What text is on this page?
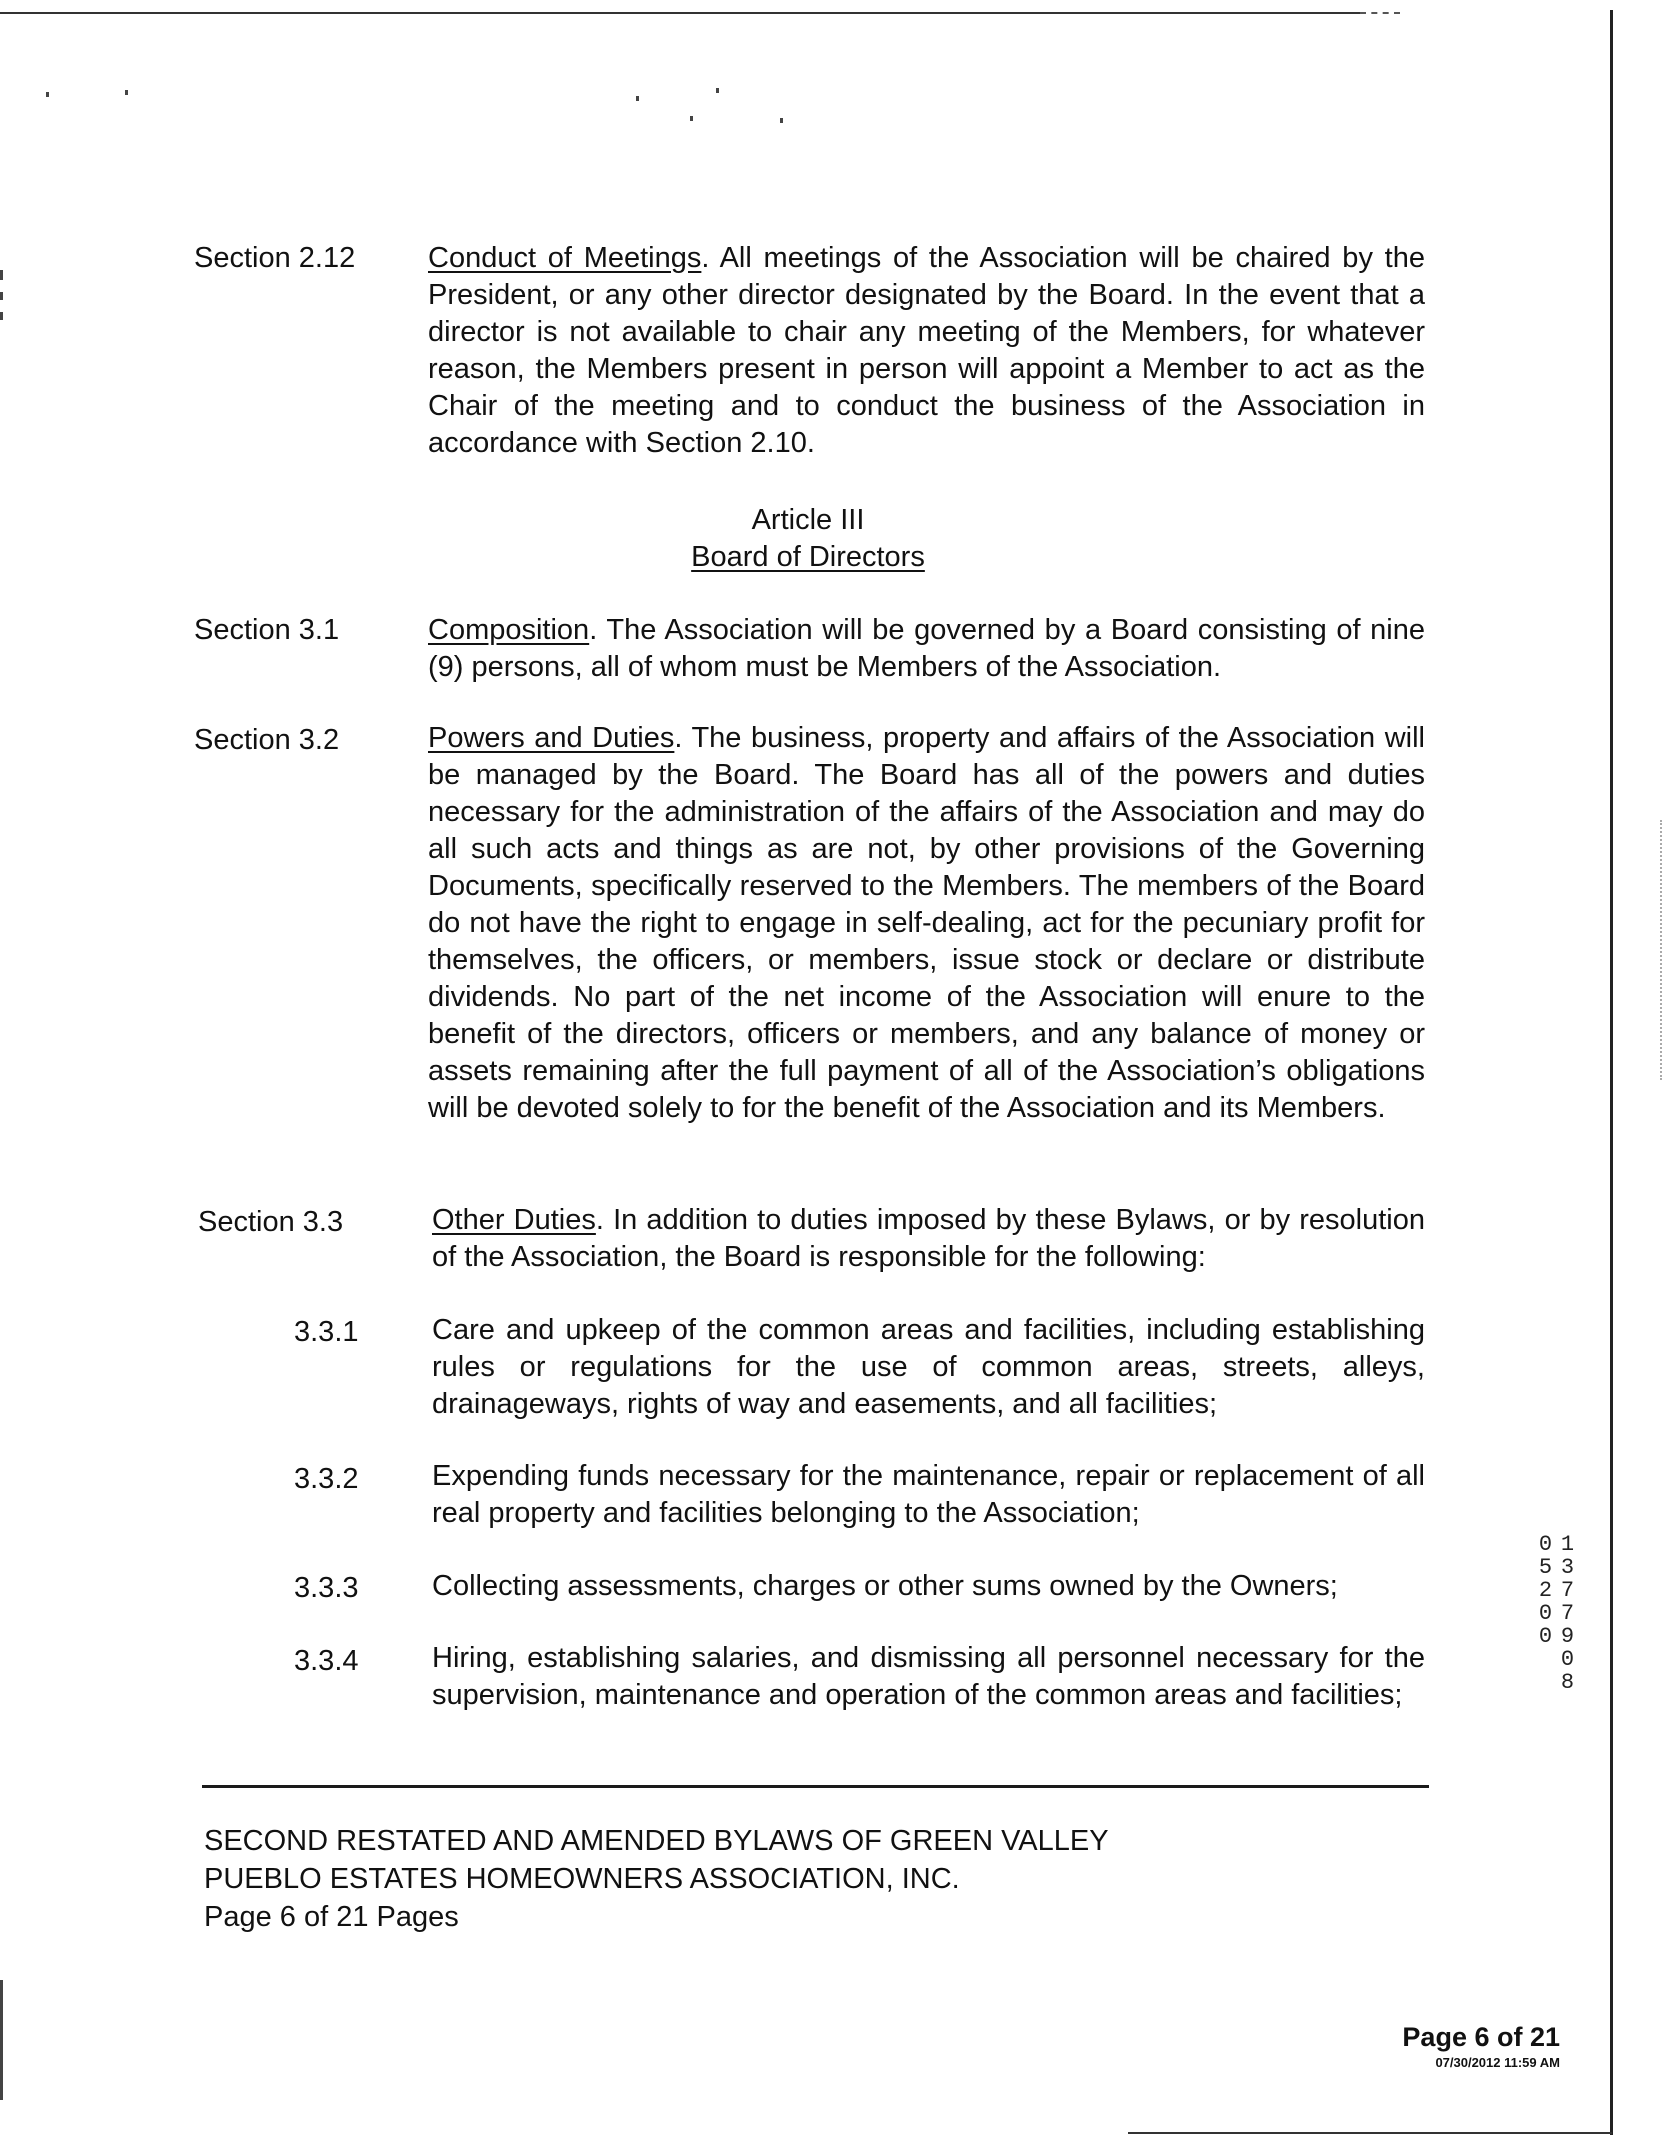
Section 2.12	Conduct of Meetings. All meetings of the Association will be chaired by the President, or any other director designated by the Board. In the event that a director is not available to chair any meeting of the Members, for whatever reason, the Members present in person will appoint a Member to act as the Chair of the meeting and to conduct the business of the Association in accordance with Section 2.10.
Article III
Board of Directors
Section 3.1	Composition. The Association will be governed by a Board consisting of nine (9) persons, all of whom must be Members of the Association.
Section 3.2	Powers and Duties. The business, property and affairs of the Association will be managed by the Board. The Board has all of the powers and duties necessary for the administration of the affairs of the Association and may do all such acts and things as are not, by other provisions of the Governing Documents, specifically reserved to the Members. The members of the Board do not have the right to engage in self-dealing, act for the pecuniary profit for themselves, the officers, or members, issue stock or declare or distribute dividends. No part of the net income of the Association will enure to the benefit of the directors, officers or members, and any balance of money or assets remaining after the full payment of all of the Association’s obligations will be devoted solely to for the benefit of the Association and its Members.
Section 3.3	Other Duties. In addition to duties imposed by these Bylaws, or by resolution of the Association, the Board is responsible for the following:
3.3.1	Care and upkeep of the common areas and facilities, including establishing rules or regulations for the use of common areas, streets, alleys, drainageways, rights of way and easements, and all facilities;
3.3.2	Expending funds necessary for the maintenance, repair or replacement of all real property and facilities belonging to the Association;
3.3.3	Collecting assessments, charges or other sums owned by the Owners;
3.3.4	Hiring, establishing salaries, and dismissing all personnel necessary for the supervision, maintenance and operation of the common areas and facilities;
SECOND RESTATED AND AMENDED BYLAWS OF GREEN VALLEY
PUEBLO ESTATES HOMEOWNERS ASSOCIATION, INC.
Page 6 of 21 Pages
Page 6 of 21
07/30/2012 11:59 AM
1377908 05200
